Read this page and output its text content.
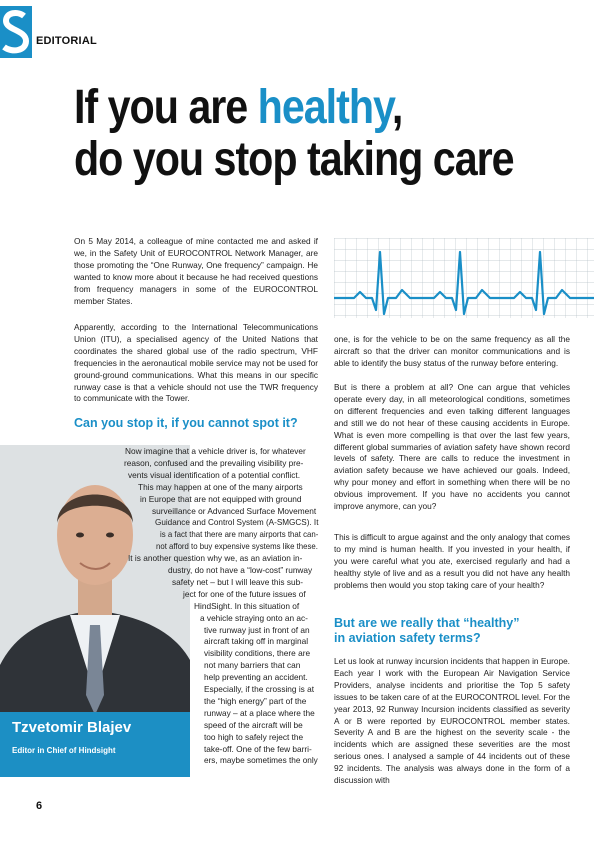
EDITORIAL
If you are healthy,
do you stop taking care

On 5 May 2014, a colleague of mine contacted me and asked if we, in the Safety Unit of EUROCONTROL Network Manager, are those promoting the “One Runway, One frequency” campaign. He wanted to know more about it because he had received questions from frequency managers in some of the EUROCONTROL member States.

Apparently, according to the International Telecommunications Union (ITU), a specialised agency of the United Nations that coordinates the shared global use of the radio spectrum, VHF frequencies in the aeronautical mobile service may not be used for ground-ground communications. What this means in our specific runway case is that a vehicle should not use the TWR frequency to communicate with the Tower.

Can you stop it, if you cannot spot it?
Tzvetomir Blajev
Editor in Chief of Hindsight
Now imagine that a vehicle driver is, for whatever
reason, confused and the prevailing visibility pre-
vents visual identification of a potential conflict.
This may happen at one of the many airports
in Europe that are not equipped with ground
surveillance or Advanced Surface Movement
Guidance and Control System (A-SMGCS). It
is a fact that there are many airports that can-
not afford to buy expensive systems like these.
It is another question why we, as an aviation in-
dustry, do not have a “low-cost” runway
safety net – but I will leave this sub-
ject for one of the future issues of
HindSight. In this situation of
a vehicle straying onto an ac-
tive runway just in front of an
aircraft taking off in marginal
visibility conditions, there are
not many barriers that can
help preventing an accident.
Especially, if the crossing is at
the “high energy” part of the
runway – at a place where the
speed of the aircraft will be
too high to safely reject the
take-off. One of the few barri-
ers, maybe sometimes the only

one, is for the vehicle to be on the same frequency as all the aircraft so that the driver can monitor communications and is able to identify the busy status of the runway before entering.

But is there a problem at all? One can argue that vehicles operate every day, in all meteorological conditions, sometimes on different frequencies and even talking different languages and still we do not hear of these causing accidents in Europe. What is even more compelling is that over the last few years, different global summaries of aviation safety have shown record levels of safety. There are calls to reduce the investment in aviation safety because we have achieved our goals. Indeed, why pour money and effort in something when there will be no obvious improvement. If you have no accidents you cannot improve anymore, can you?

This is difficult to argue against and the only analogy that comes to my mind is human health. If you invested in your health, if you were careful what you ate, exercised regularly and had a healthy style of live and as a result you did not have any health problems then would you stop taking care of your health?

But are we really that “healthy”
in aviation safety terms?

Let us look at runway incursion incidents that happen in Europe. Each year I work with the European Air Navigation Service Providers, analyse incidents and prioritise the Top 5 safety issues to be taken care of at the EUROCONTROL level. For the year 2013, 92 Runway Incursion incidents classified as severity A or B were reported by EUROCONTROL member states. Severity A and B are the highest on the severity scale - the incidents which are assigned these severities are the most serious ones. I analysed a sample of 44 incidents out of these 92 incidents. The analysis was always done in the form of a discussion with

6
